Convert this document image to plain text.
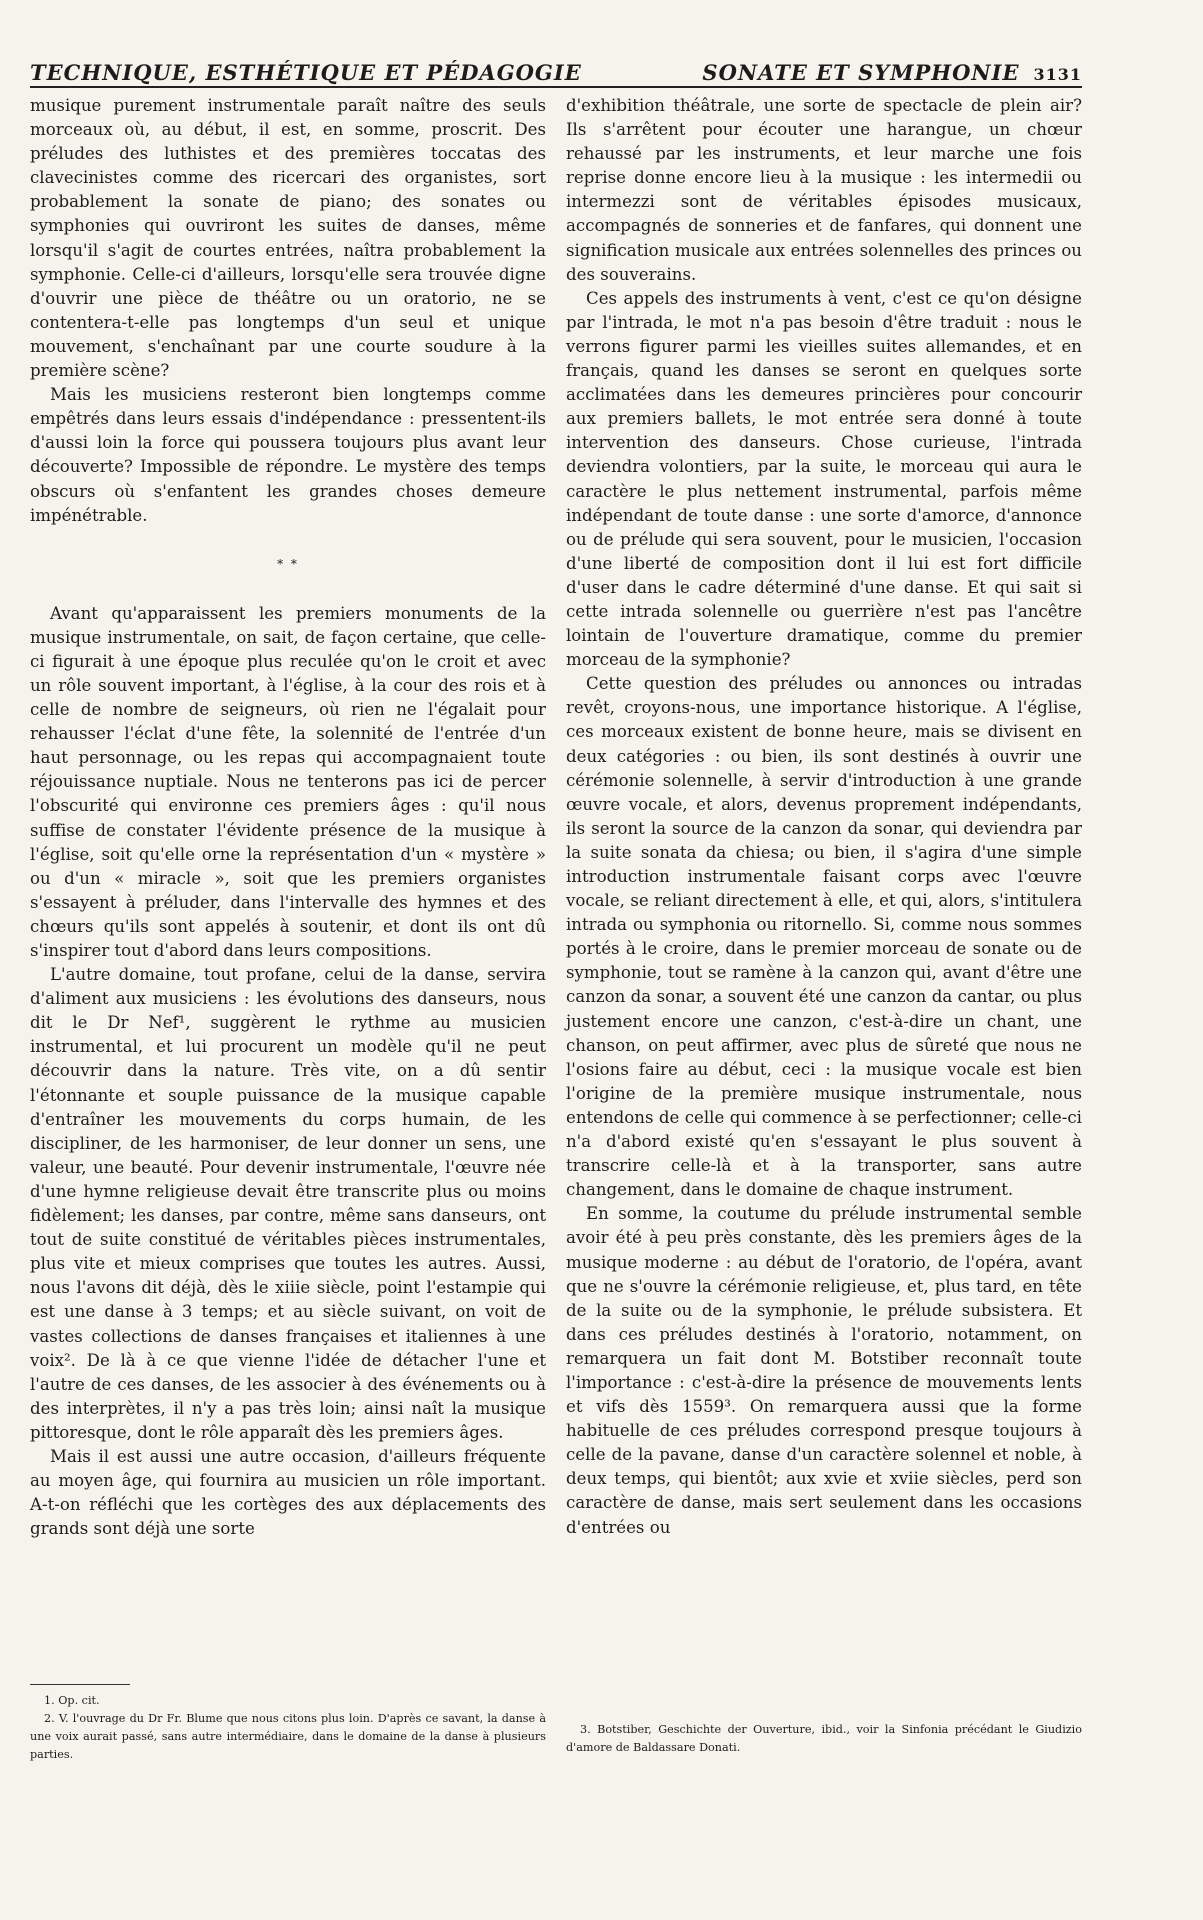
TECHNIQUE, ESTHÉTIQUE ET PÉDAGOGIE	SONATE ET SYMPHONIE 3131

musique purement instrumentale paraît naître des seuls morceaux où, au début, il est, en somme, proscrit. Des préludes des luthistes et des premières toccatas des clavecinistes comme des ricercari des organistes, sort probablement la sonate de piano; des sonates ou symphonies qui ouvriront les suites de danses, même lorsqu'il s'agit de courtes entrées, naîtra probablement la symphonie. Celle-ci d'ailleurs, lorsqu'elle sera trouvée digne d'ouvrir une pièce de théâtre ou un oratorio, ne se contentera-t-elle pas longtemps d'un seul et unique mouvement, s'enchaînant par une courte soudure à la première scène?

Mais les musiciens resteront bien longtemps comme empêtrés dans leurs essais d'indépendance : pressentent-ils d'aussi loin la force qui poussera toujours plus avant leur découverte? Impossible de répondre. Le mystère des temps obscurs où s'enfantent les grandes choses demeure impénétrable.

* *

Avant qu'apparaissent les premiers monuments de la musique instrumentale, on sait, de façon certaine, que celle-ci figurait à une époque plus reculée qu'on le croit et avec un rôle souvent important, à l'église, à la cour des rois et à celle de nombre de seigneurs, où rien ne l'égalait pour rehausser l'éclat d'une fête, la solennité de l'entrée d'un haut personnage, ou les repas qui accompagnaient toute réjouissance nuptiale. Nous ne tenterons pas ici de percer l'obscurité qui environne ces premiers âges : qu'il nous suffise de constater l'évidente présence de la musique à l'église, soit qu'elle orne la représentation d'un « mystère » ou d'un « miracle », soit que les premiers organistes s'essayent à préluder, dans l'intervalle des hymnes et des chœurs qu'ils sont appelés à soutenir, et dont ils ont dû s'inspirer tout d'abord dans leurs compositions.

L'autre domaine, tout profane, celui de la danse, servira d'aliment aux musiciens : les évolutions des danseurs, nous dit le Dr Nef¹, suggèrent le rythme au musicien instrumental, et lui procurent un modèle qu'il ne peut découvrir dans la nature. Très vite, on a dû sentir l'étonnante et souple puissance de la musique capable d'entraîner les mouvements du corps humain, de les discipliner, de les harmoniser, de leur donner un sens, une valeur, une beauté. Pour devenir instrumentale, l'œuvre née d'une hymne religieuse devait être transcrite plus ou moins fidèlement; les danses, par contre, même sans danseurs, ont tout de suite constitué de véritables pièces instrumentales, plus vite et mieux comprises que toutes les autres. Aussi, nous l'avons dit déjà, dès le xiiie siècle, point l'estampie qui est une danse à 3 temps; et au siècle suivant, on voit de vastes collections de danses françaises et italiennes à une voix². De là à ce que vienne l'idée de détacher l'une et l'autre de ces danses, de les associer à des événements ou à des interprètes, il n'y a pas très loin; ainsi naît la musique pittoresque, dont le rôle apparaît dès les premiers âges.

Mais il est aussi une autre occasion, d'ailleurs fréquente au moyen âge, qui fournira au musicien un rôle important. A-t-on réfléchi que les cortèges des aux déplacements des grands sont déjà une sorte

d'exhibition théâtrale, une sorte de spectacle de plein air? Ils s'arrêtent pour écouter une harangue, un chœur rehaussé par les instruments, et leur marche une fois reprise donne encore lieu à la musique : les intermedii ou intermezzi sont de véritables épisodes musicaux, accompagnés de sonneries et de fanfares, qui donnent une signification musicale aux entrées solennelles des princes ou des souverains.

Ces appels des instruments à vent, c'est ce qu'on désigne par l'intrada, le mot n'a pas besoin d'être traduit : nous le verrons figurer parmi les vieilles suites allemandes, et en français, quand les danses se seront en quelques sorte acclimatées dans les demeures princières pour concourir aux premiers ballets, le mot entrée sera donné à toute intervention des danseurs. Chose curieuse, l'intrada deviendra volontiers, par la suite, le morceau qui aura le caractère le plus nettement instrumental, parfois même indépendant de toute danse : une sorte d'amorce, d'annonce ou de prélude qui sera souvent, pour le musicien, l'occasion d'une liberté de composition dont il lui est fort difficile d'user dans le cadre déterminé d'une danse. Et qui sait si cette intrada solennelle ou guerrière n'est pas l'ancêtre lointain de l'ouverture dramatique, comme du premier morceau de la symphonie?

Cette question des préludes ou annonces ou intradas revêt, croyons-nous, une importance historique. A l'église, ces morceaux existent de bonne heure, mais se divisent en deux catégories : ou bien, ils sont destinés à ouvrir une cérémonie solennelle, à servir d'introduction à une grande œuvre vocale, et alors, devenus proprement indépendants, ils seront la source de la canzon da sonar, qui deviendra par la suite sonata da chiesa; ou bien, il s'agira d'une simple introduction instrumentale faisant corps avec l'œuvre vocale, se reliant directement à elle, et qui, alors, s'intitulera intrada ou symphonia ou ritornello. Si, comme nous sommes portés à le croire, dans le premier morceau de sonate ou de symphonie, tout se ramène à la canzon qui, avant d'être une canzon da sonar, a souvent été une canzon da cantar, ou plus justement encore une canzon, c'est-à-dire un chant, une chanson, on peut affirmer, avec plus de sûreté que nous ne l'osions faire au début, ceci : la musique vocale est bien l'origine de la première musique instrumentale, nous entendons de celle qui commence à se perfectionner; celle-ci n'a d'abord existé qu'en s'essayant le plus souvent à transcrire celle-là et à la transporter, sans autre changement, dans le domaine de chaque instrument.

En somme, la coutume du prélude instrumental semble avoir été à peu près constante, dès les premiers âges de la musique moderne : au début de l'oratorio, de l'opéra, avant que ne s'ouvre la cérémonie religieuse, et, plus tard, en tête de la suite ou de la symphonie, le prélude subsistera. Et dans ces préludes destinés à l'oratorio, notamment, on remarquera un fait dont M. Botstiber reconnaît toute l'importance : c'est-à-dire la présence de mouvements lents et vifs dès 1559³. On remarquera aussi que la forme habituelle de ces préludes correspond presque toujours à celle de la pavane, danse d'un caractère solennel et noble, à deux temps, qui bientôt; aux xvie et xviie siècles, perd son caractère de danse, mais sert seulement dans les occasions d'entrées ou

1. Op. cit.

2. V. l'ouvrage du Dr Fr. Blume que nous citons plus loin. D'après ce savant, la danse à une voix aurait passé, sans autre intermédiaire, dans le domaine de la danse à plusieurs parties.

3. Botstiber, Geschichte der Ouverture, ibid., voir la Sinfonia précédant le Giudizio d'amore de Baldassare Donati.
